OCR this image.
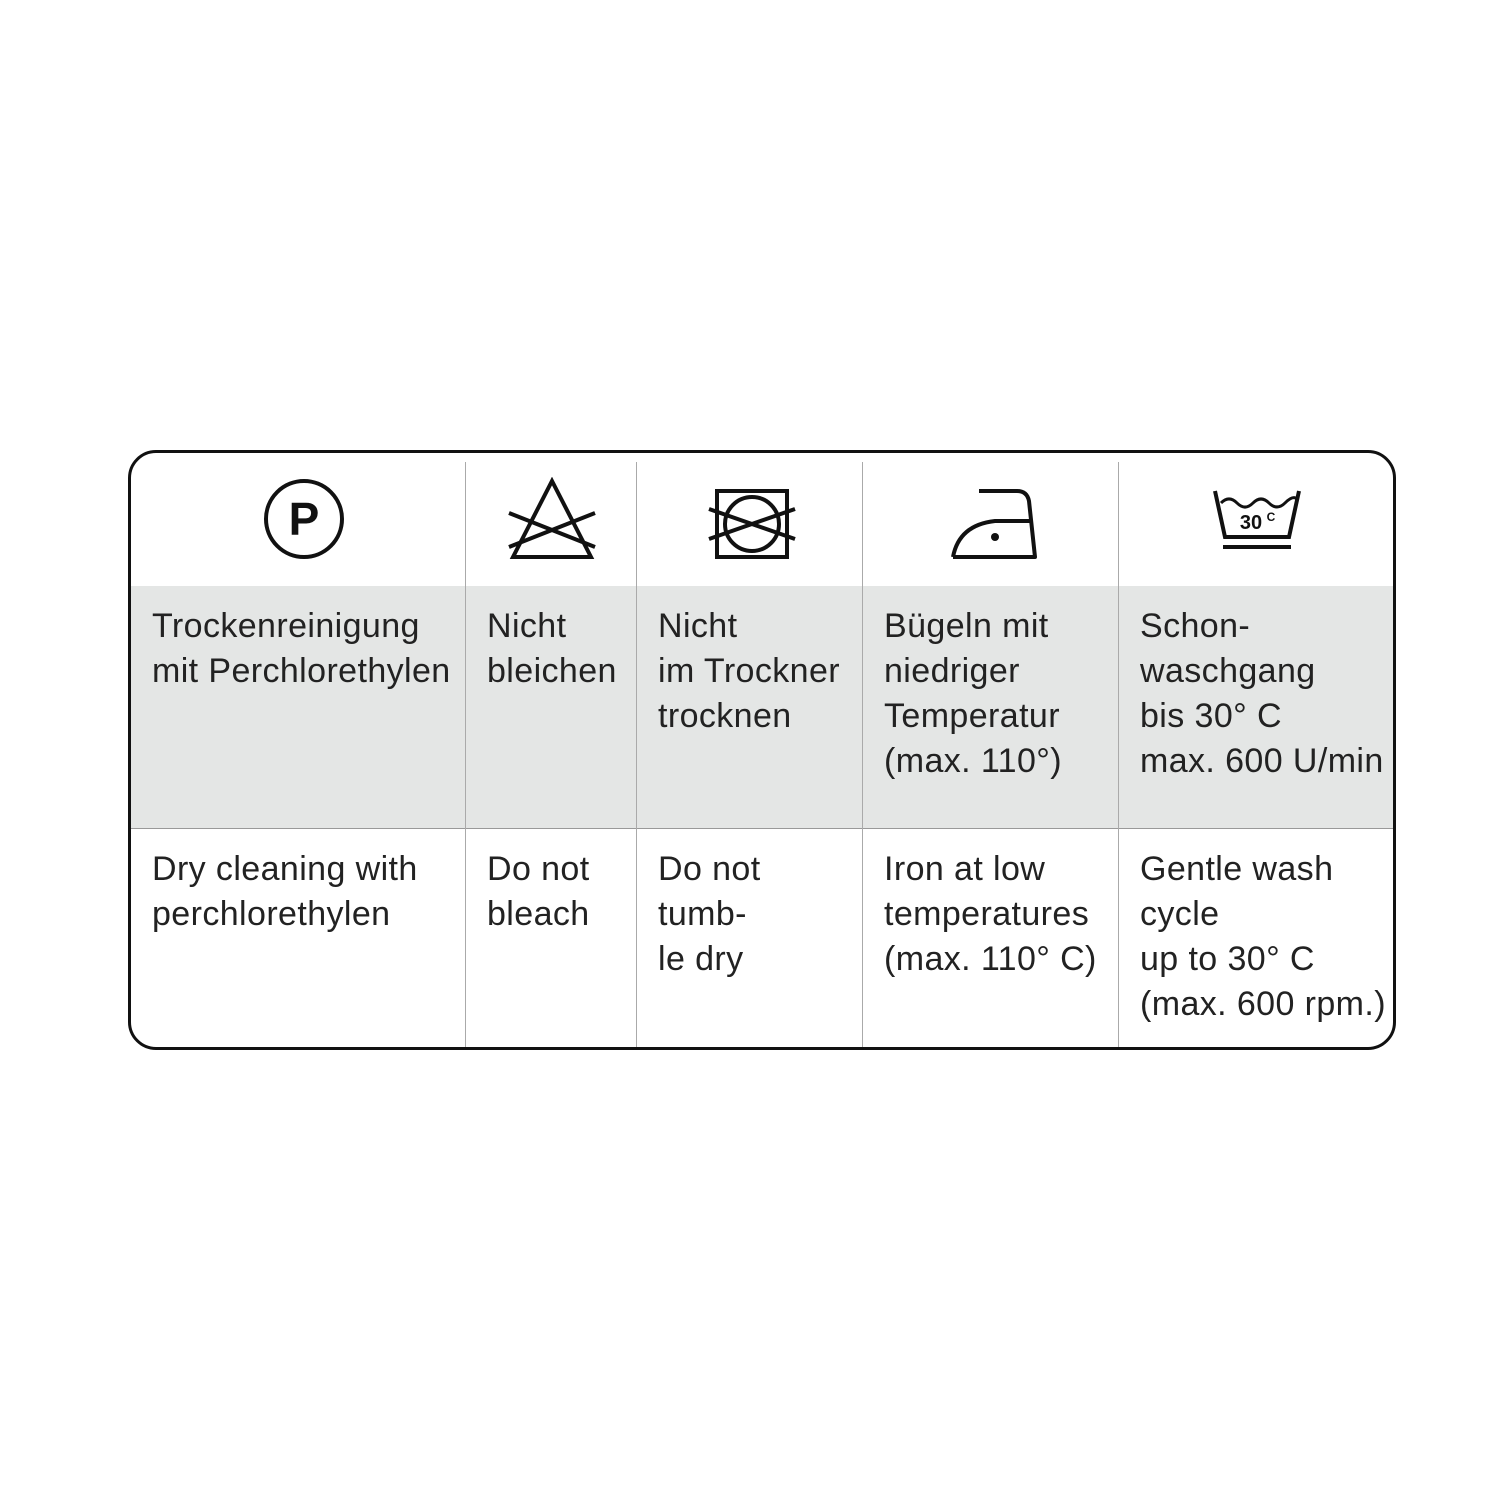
P	30 C
Trockenreinigung
mit Perchlorethylen
Nicht
bleichen
Nicht
im Trockner
trocknen
Bügeln mit
niedriger
Temperatur
(max. 110°)
Schon-
waschgang
bis 30° C
max. 600 U/min
Dry cleaning with
perchlorethylen
Do not
bleach
Do not tumb-
le dry
Iron at low
temperatures
(max. 110° C)
Gentle wash
cycle
up to 30° C
(max. 600 rpm.)
